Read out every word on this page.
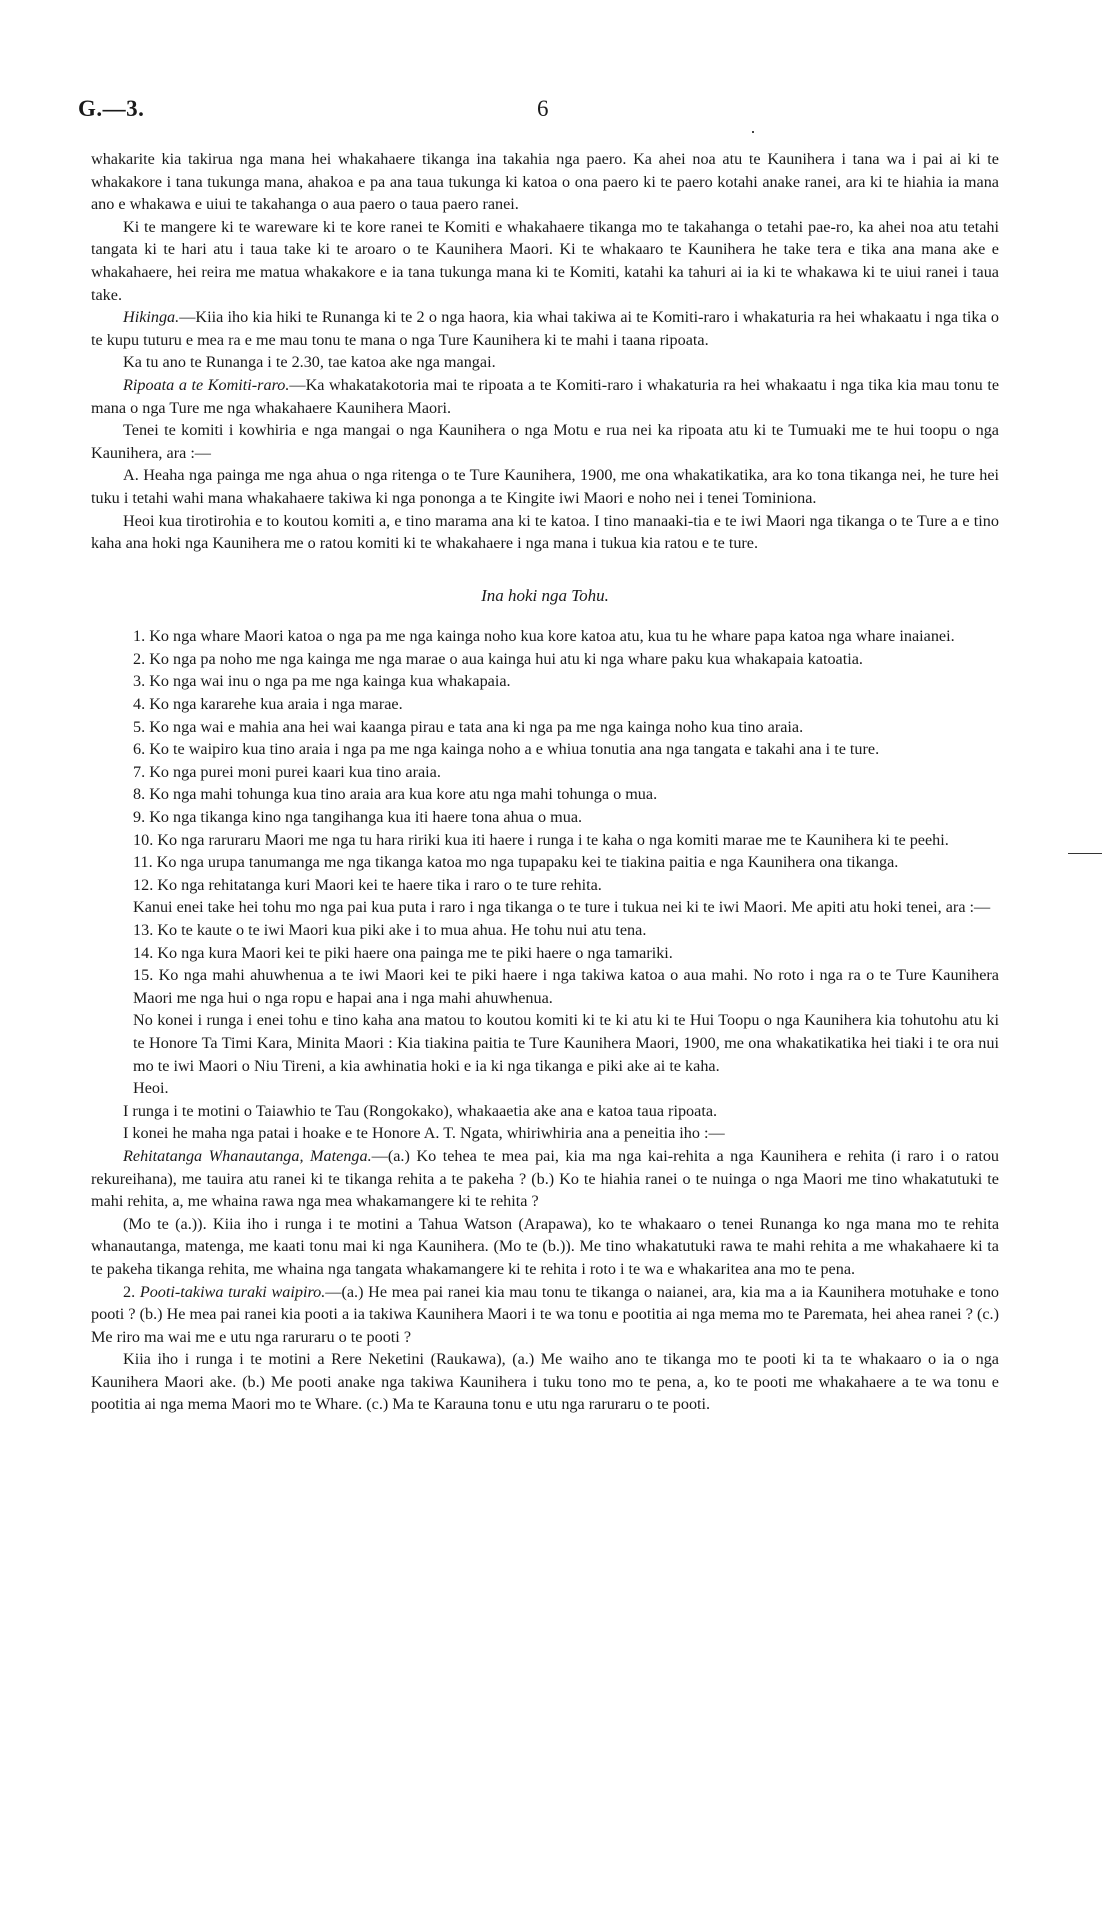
G.—3.	6

whakarite kia takirua nga mana hei whakahaere tikanga ina takahia nga paero. Ka ahei noa atu te Kaunihera i tana wa i pai ai ki te whakakore i tana tukunga mana, ahakoa e pa ana taua tukunga ki katoa o ona paero ki te paero kotahi anake ranei, ara ki te hiahia ia mana ano e whakawa e uiui te takahanga o aua paero o taua paero ranei.

Ki te mangere ki te wareware ki te kore ranei te Komiti e whakahaere tikanga mo te takahanga o tetahi pae-ro, ka ahei noa atu tetahi tangata ki te hari atu i taua take ki te aroaro o te Kaunihera Maori. Ki te whakaaro te Kaunihera he take tera e tika ana mana ake e whakahaere, hei reira me matua whakakore e ia tana tukunga mana ki te Komiti, katahi ka tahuri ai ia ki te whakawa ki te uiui ranei i taua take.

Hikinga.—Kiia iho kia hiki te Runanga ki te 2 o nga haora, kia whai takiwa ai te Komiti-raro i whakaturia ra hei whakaatu i nga tika o te kupu tuturu e mea ra e me mau tonu te mana o nga Ture Kaunihera ki te mahi i taana ripoata.

Ka tu ano te Runanga i te 2.30, tae katoa ake nga mangai.

Ripoata a te Komiti-raro.—Ka whakatakotoria mai te ripoata a te Komiti-raro i whakaturia ra hei whakaatu i nga tika kia mau tonu te mana o nga Ture me nga whakahaere Kaunihera Maori.

Tenei te komiti i kowhiria e nga mangai o nga Kaunihera o nga Motu e rua nei ka ripoata atu ki te Tumuaki me te hui toopu o nga Kaunihera, ara :—

A. Heaha nga painga me nga ahua o nga ritenga o te Ture Kaunihera, 1900, me ona whakatikatika, ara ko tona tikanga nei, he ture hei tuku i tetahi wahi mana whakahaere takiwa ki nga pononga a te Kingite iwi Maori e noho nei i tenei Tominiona.

Heoi kua tirotirohia e to koutou komiti a, e tino marama ana ki te katoa. I tino manaaki-tia e te iwi Maori nga tikanga o te Ture a e tino kaha ana hoki nga Kaunihera me o ratou komiti ki te whakahaere i nga mana i tukua kia ratou e te ture.

Ina hoki nga Tohu.

1. Ko nga whare Maori katoa o nga pa me nga kainga noho kua kore katoa atu, kua tu he whare papa katoa nga whare inaianei.

2. Ko nga pa noho me nga kainga me nga marae o aua kainga hui atu ki nga whare paku kua whakapaia katoatia.

3. Ko nga wai inu o nga pa me nga kainga kua whakapaia.

4. Ko nga kararehe kua araia i nga marae.

5. Ko nga wai e mahia ana hei wai kaanga pirau e tata ana ki nga pa me nga kainga noho kua tino araia.

6. Ko te waipiro kua tino araia i nga pa me nga kainga noho a e whiua tonutia ana nga tangata e takahi ana i te ture.

7. Ko nga purei moni purei kaari kua tino araia.

8. Ko nga mahi tohunga kua tino araia ara kua kore atu nga mahi tohunga o mua.

9. Ko nga tikanga kino nga tangihanga kua iti haere tona ahua o mua.

10. Ko nga raruraru Maori me nga tu hara ririki kua iti haere i runga i te kaha o nga komiti marae me te Kaunihera ki te peehi.

11. Ko nga urupa tanumanga me nga tikanga katoa mo nga tupapaku kei te tiakina paitia e nga Kaunihera ona tikanga.

12. Ko nga rehitatanga kuri Maori kei te haere tika i raro o te ture rehita.

Kanui enei take hei tohu mo nga pai kua puta i raro i nga tikanga o te ture i tukua nei ki te iwi Maori. Me apiti atu hoki tenei, ara :—

13. Ko te kaute o te iwi Maori kua piki ake i to mua ahua. He tohu nui atu tena.

14. Ko nga kura Maori kei te piki haere ona painga me te piki haere o nga tamariki.

15. Ko nga mahi ahuwhenua a te iwi Maori kei te piki haere i nga takiwa katoa o aua mahi. No roto i nga ra o te Ture Kaunihera Maori me nga hui o nga ropu e hapai ana i nga mahi ahuwhenua.

No konei i runga i enei tohu e tino kaha ana matou to koutou komiti ki te ki atu ki te Hui Toopu o nga Kaunihera kia tohutohu atu ki te Honore Ta Timi Kara, Minita Maori : Kia tiakina paitia te Ture Kaunihera Maori, 1900, me ona whakatikatika hei tiaki i te ora nui mo te iwi Maori o Niu Tireni, a kia awhinatia hoki e ia ki nga tikanga e piki ake ai te kaha.

Heoi.

I runga i te motini o Taiawhio te Tau (Rongokako), whakaaetia ake ana e katoa taua ripoata.

I konei he maha nga patai i hoake e te Honore A. T. Ngata, whiriwhiria ana a peneitia iho :—

Rehitatanga Whanautanga, Matenga.—(a.) Ko tehea te mea pai, kia ma nga kai-rehita a nga Kaunihera e rehita (i raro i o ratou rekureihana), me tauira atu ranei ki te tikanga rehita a te pakeha ? (b.) Ko te hiahia ranei o te nuinga o nga Maori me tino whakatutuki te mahi rehita, a, me whaina rawa nga mea whakamangere ki te rehita ?

(Mo te (a.)). Kiia iho i runga i te motini a Tahua Watson (Arapawa), ko te whakaaro o tenei Runanga ko nga mana mo te rehita whanautanga, matenga, me kaati tonu mai ki nga Kaunihera. (Mo te (b.)). Me tino whakatutuki rawa te mahi rehita a me whakahaere ki ta te pakeha tikanga rehita, me whaina nga tangata whakamangere ki te rehita i roto i te wa e whakaritea ana mo te pena.

2. Pooti-takiwa turaki waipiro.—(a.) He mea pai ranei kia mau tonu te tikanga o naianei, ara, kia ma a ia Kaunihera motuhake e tono pooti ? (b.) He mea pai ranei kia pooti a ia takiwa Kaunihera Maori i te wa tonu e pootitia ai nga mema mo te Paremata, hei ahea ranei ? (c.) Me riro ma wai me e utu nga raruraru o te pooti ?

Kiia iho i runga i te motini a Rere Neketini (Raukawa), (a.) Me waiho ano te tikanga mo te pooti ki ta te whakaaro o ia o nga Kaunihera Maori ake. (b.) Me pooti anake nga takiwa Kaunihera i tuku tono mo te pena, a, ko te pooti me whakahaere a te wa tonu e pootitia ai nga mema Maori mo te Whare. (c.) Ma te Karauna tonu e utu nga raruraru o te pooti.
